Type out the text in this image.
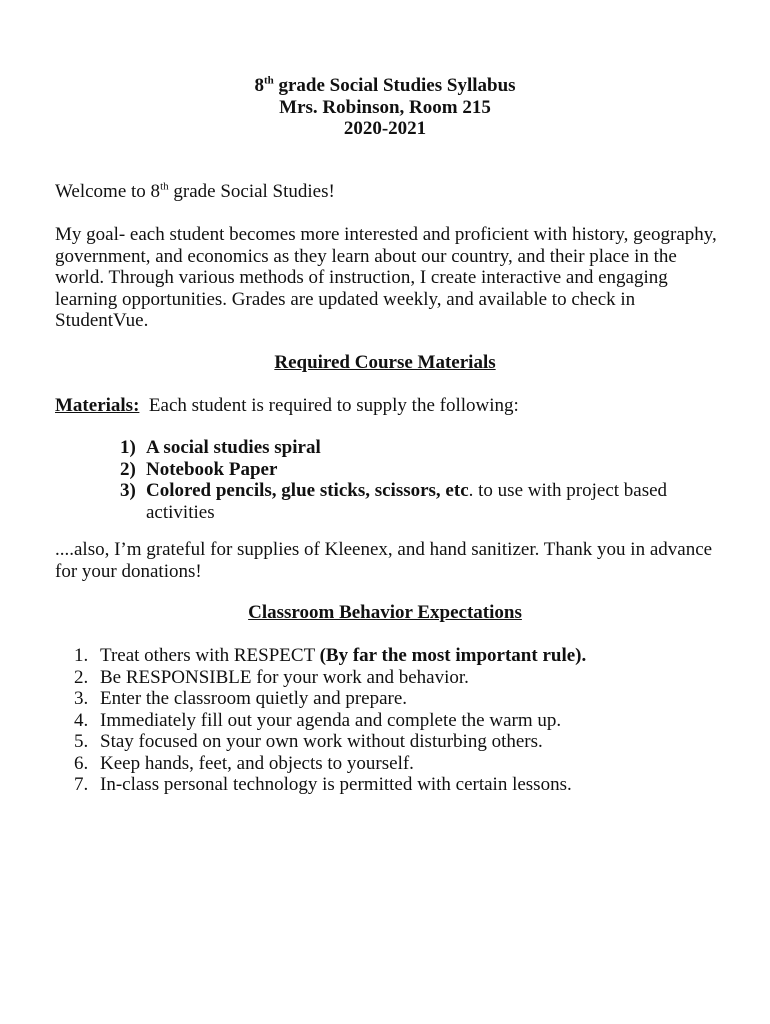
8th grade Social Studies Syllabus
Mrs. Robinson, Room 215
2020-2021
Welcome to 8th grade Social Studies!
My goal- each student becomes more interested and proficient with history, geography, government, and economics as they learn about our country, and their place in the world. Through various methods of instruction, I create interactive and engaging learning opportunities. Grades are updated weekly, and available to check in StudentVue.
Required Course Materials
Materials: Each student is required to supply the following:
1) A social studies spiral
2) Notebook Paper
3) Colored pencils, glue sticks, scissors, etc. to use with project based activities
....also, I’m grateful for supplies of Kleenex, and hand sanitizer. Thank you in advance for your donations!
Classroom Behavior Expectations
1. Treat others with RESPECT (By far the most important rule).
2. Be RESPONSIBLE for your work and behavior.
3. Enter the classroom quietly and prepare.
4. Immediately fill out your agenda and complete the warm up.
5. Stay focused on your own work without disturbing others.
6. Keep hands, feet, and objects to yourself.
7. In-class personal technology is permitted with certain lessons.
